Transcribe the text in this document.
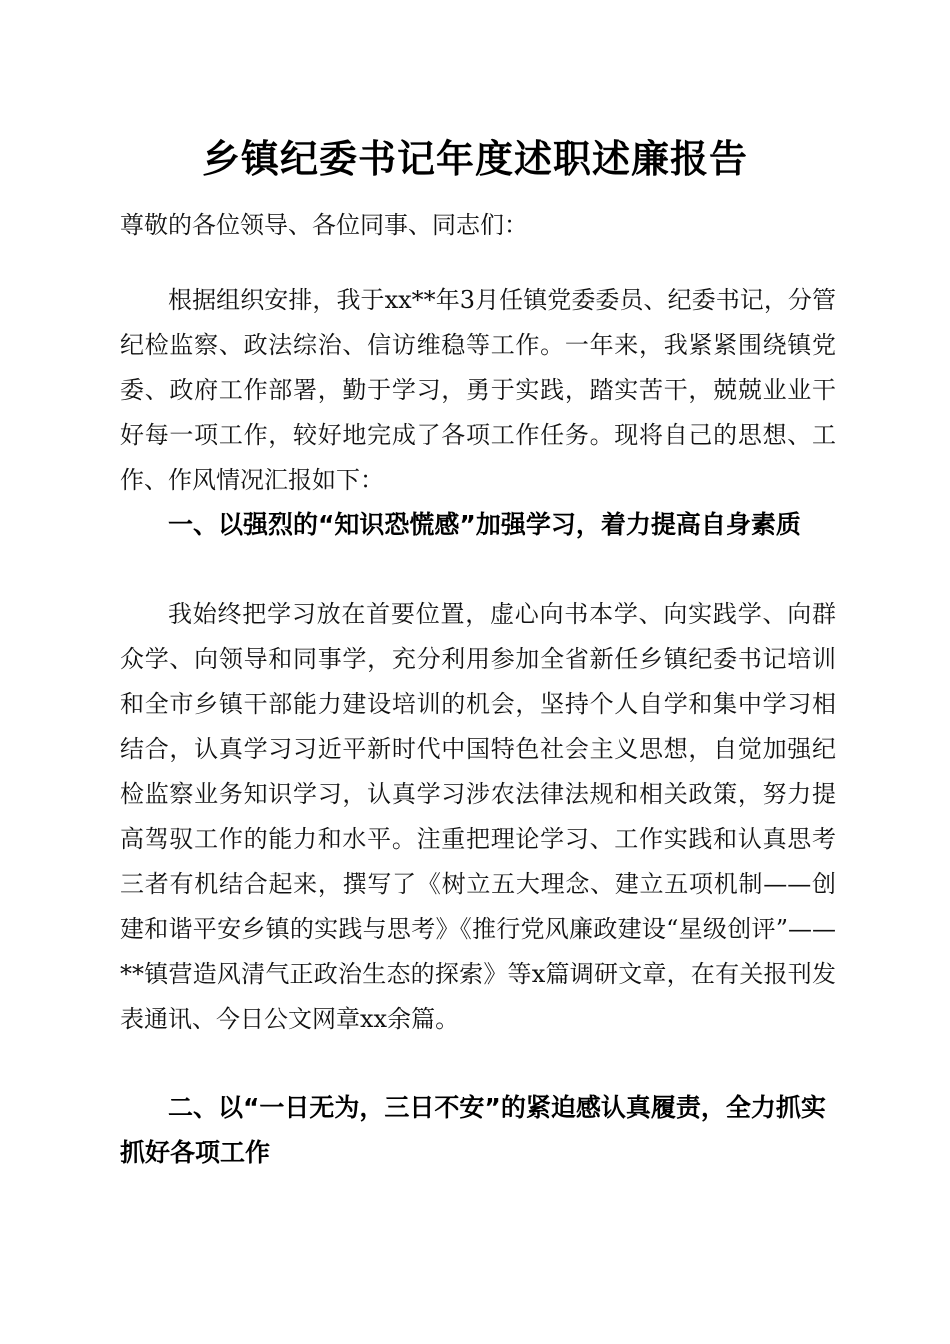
乡镇纪委书记年度述职述廉报告
尊敬的各位领导、各位同事、同志们：
根据组织安排，我于xx**年3月任镇党委委员、纪委书记，分管纪检监察、政法综治、信访维稳等工作。一年来，我紧紧围绕镇党委、政府工作部署，勤于学习，勇于实践，踏实苦干，兢兢业业干好每一项工作，较好地完成了各项工作任务。现将自己的思想、工作、作风情况汇报如下：
一、以强烈的“知识恐慌感”加强学习，着力提高自身素质
我始终把学习放在首要位置，虚心向书本学、向实践学、向群众学、向领导和同事学，充分利用参加全省新任乡镇纪委书记培训和全市乡镇干部能力建设培训的机会，坚持个人自学和集中学习相结合，认真学习习近平新时代中国特色社会主义思想，自觉加强纪检监察业务知识学习，认真学习涉农法律法规和相关政策，努力提高驾驭工作的能力和水平。注重把理论学习、工作实践和认真思考三者有机结合起来，撰写了《树立五大理念、建立五项机制——创建和谐平安乡镇的实践与思考》《推行党风廉政建设“星级创评”——**镇营造风清气正政治生态的探索》等x篇调研文章，在有关报刊发表通讯、今日公文网章xx余篇。
二、以“一日无为，三日不安”的紧迫感认真履责，全力抓实抓好各项工作
